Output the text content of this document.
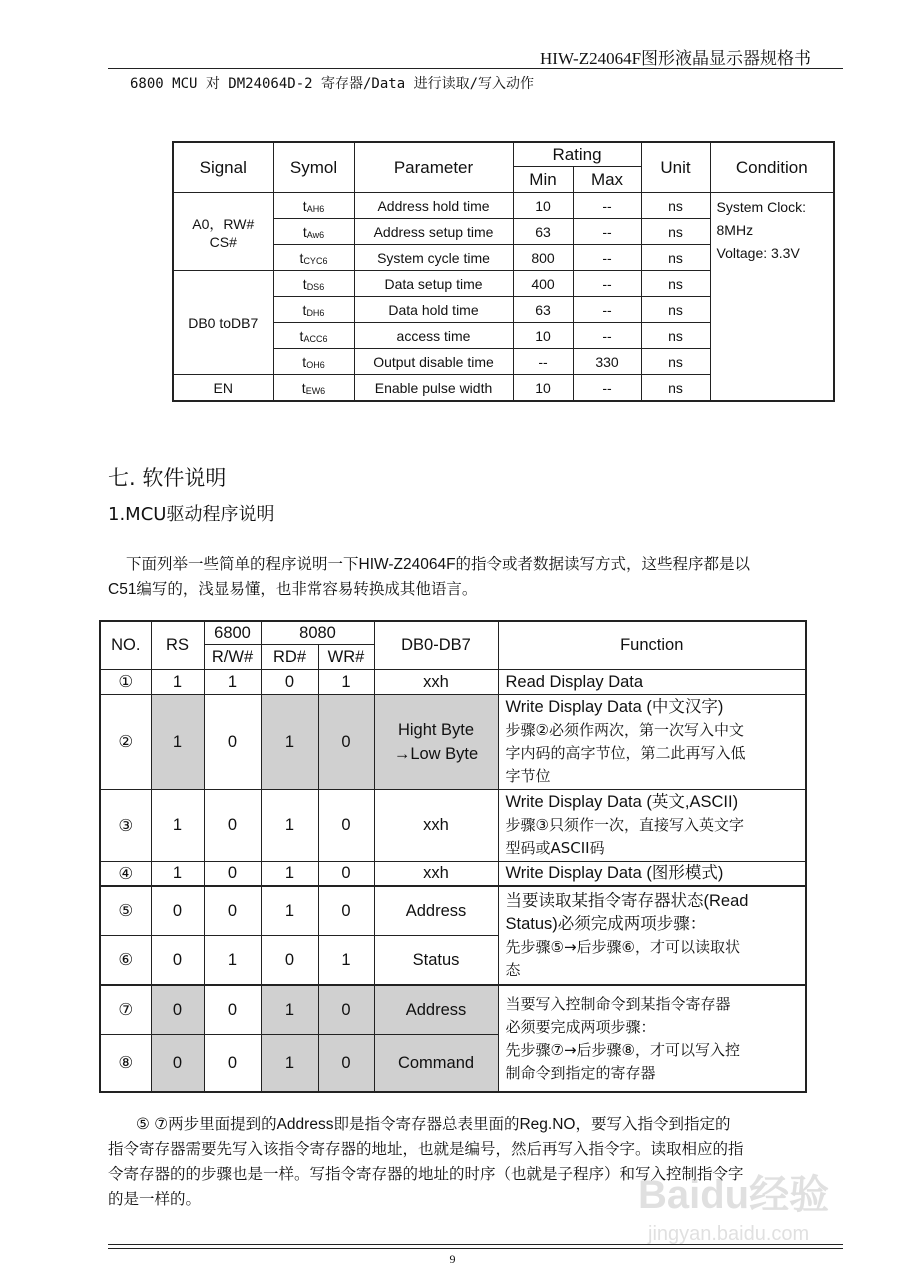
HIW-Z24064F图形液晶显示器规格书
6800 MCU 对 DM24064D-2 寄存器/Data 进行读取/写入动作
Signal	Symol	Parameter	Rating		Unit	Condition
			Min	Max		
A0，RW#
CS#	tAH6	Address hold time	10	--	ns	System Clock:
8MHz
Voltage: 3.3V
	tAw6	Address setup time	63	--	ns	
	tCYC6	System cycle time	800	--	ns	
DB0 toDB7	tDS6	Data setup time	400	--	ns	
	tDH6	Data hold time	63	--	ns	
	tACC6	access time	10	--	ns	
	tOH6	Output disable time	--	330	ns	
EN	tEW6	Enable pulse width	10	--	ns	
七. 软件说明
1.MCU驱动程序说明
下面列举一些简单的程序说明一下HIW-Z24064F的指令或者数据读写方式，这些程序都是以
C51编写的，浅显易懂，也非常容易转换成其他语言。
NO.	RS	6800	8080		DB0-DB7	Function
		R/W#	RD#	WR#		
①	1	1	0	1	xxh	Read Display Data
②	1	0	1	0	Hight Byte
→Low Byte	Write Display Data (中文汉字)
步骤②必须作两次，第一次写入中文
字内码的高字节位，第二此再写入低
字节位
③	1	0	1	0	xxh	Write Display Data (英文,ASCII)
步骤③只须作一次，直接写入英文字
型码或ASCII码
④	1	0	1	0	xxh	Write Display Data (图形模式)
⑤	0	0	1	0	Address	当要读取某指令寄存器状态(Read
Status)必须完成两项步骤：
先步骤⑤→后步骤⑥，才可以读取状
态
⑥	0	1	0	1	Status	
⑦	0	0	1	0	Address	当要写入控制命令到某指令寄存器
必须要完成两项步骤：
先步骤⑦→后步骤⑧，才可以写入控
制命令到指定的寄存器
⑧	0	0	1	0	Command	
⑤ ⑦两步里面提到的Address即是指令寄存器总表里面的Reg.NO，要写入指令到指定的
指令寄存器需要先写入该指令寄存器的地址，也就是编号，然后再写入指令字。读取相应的指
令寄存器的的步骤也是一样。写指令寄存器的地址的时序（也就是子程序）和写入控制指令字
的是一样的。	Baidu经验
jingyan.baidu.com
9
